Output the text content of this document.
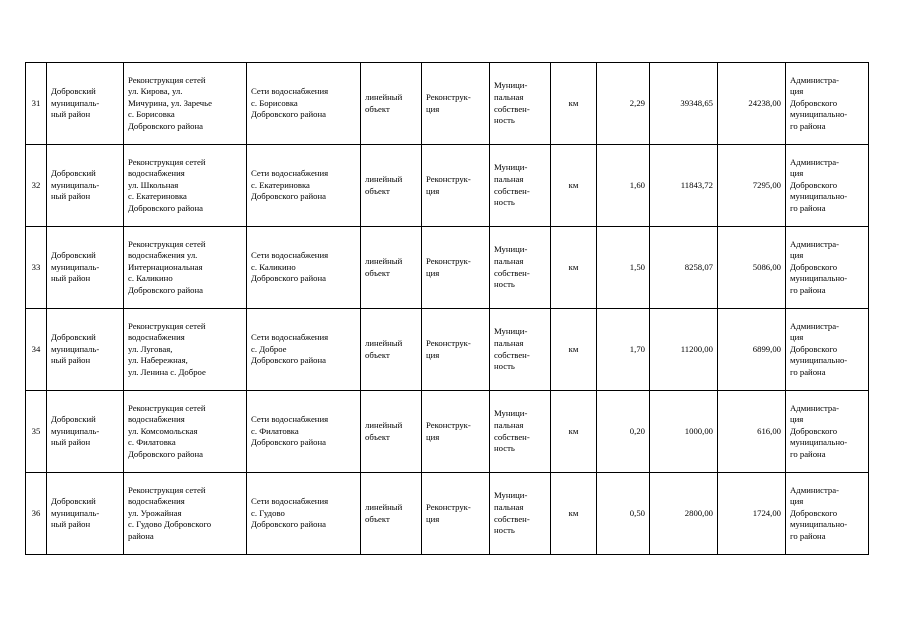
31	Добровский
муниципаль-
ный район	Реконструкция сетей
ул. Кирова, ул.
Мичурина, ул. Заречье
с. Борисовка
Добровского района	Сети водоснабжения
с. Борисовка
Добровского района	линейный
объект	Реконструк-
ция	Муници-
пальная
собствен-
ность	км	2,29	39348,65	24238,00	Администра-
ция
Добровского
муниципально-
го района
32	Добровский
муниципаль-
ный район	Реконструкция сетей
водоснабжения
ул. Школьная
с. Екатериновка
Добровского района	Сети водоснабжения
с. Екатериновка
Добровского района	линейный
объект	Реконструк-
ция	Муници-
пальная
собствен-
ность	км	1,60	11843,72	7295,00	Администра-
ция
Добровского
муниципально-
го района
33	Добровский
муниципаль-
ный район	Реконструкция сетей
водоснабжения ул.
Интернациональная
с. Каликино
Добровского района	Сети водоснабжения
с. Каликино
Добровского района	линейный
объект	Реконструк-
ция	Муници-
пальная
собствен-
ность	км	1,50	8258,07	5086,00	Администра-
ция
Добровского
муниципально-
го района
34	Добровский
муниципаль-
ный район	Реконструкция сетей
водоснабжения
ул. Луговая,
ул. Набережная,
ул. Ленина с. Доброе	Сети водоснабжения
с. Доброе
Добровского района	линейный
объект	Реконструк-
ция	Муници-
пальная
собствен-
ность	км	1,70	11200,00	6899,00	Администра-
ция
Добровского
муниципально-
го района
35	Добровский
муниципаль-
ный район	Реконструкция сетей
водоснабжения
ул. Комсомольская
с. Филатовка
Добровского района	Сети водоснабжения
с. Филатовка
Добровского района	линейный
объект	Реконструк-
ция	Муници-
пальная
собствен-
ность	км	0,20	1000,00	616,00	Администра-
ция
Добровского
муниципально-
го района
36	Добровский
муниципаль-
ный район	Реконструкция сетей
водоснабжения
ул. Урожайная
с. Гудово Добровского
района	Сети водоснабжения
с. Гудово
Добровского района	линейный
объект	Реконструк-
ция	Муници-
пальная
собствен-
ность	км	0,50	2800,00	1724,00	Администра-
ция
Добровского
муниципально-
го района
